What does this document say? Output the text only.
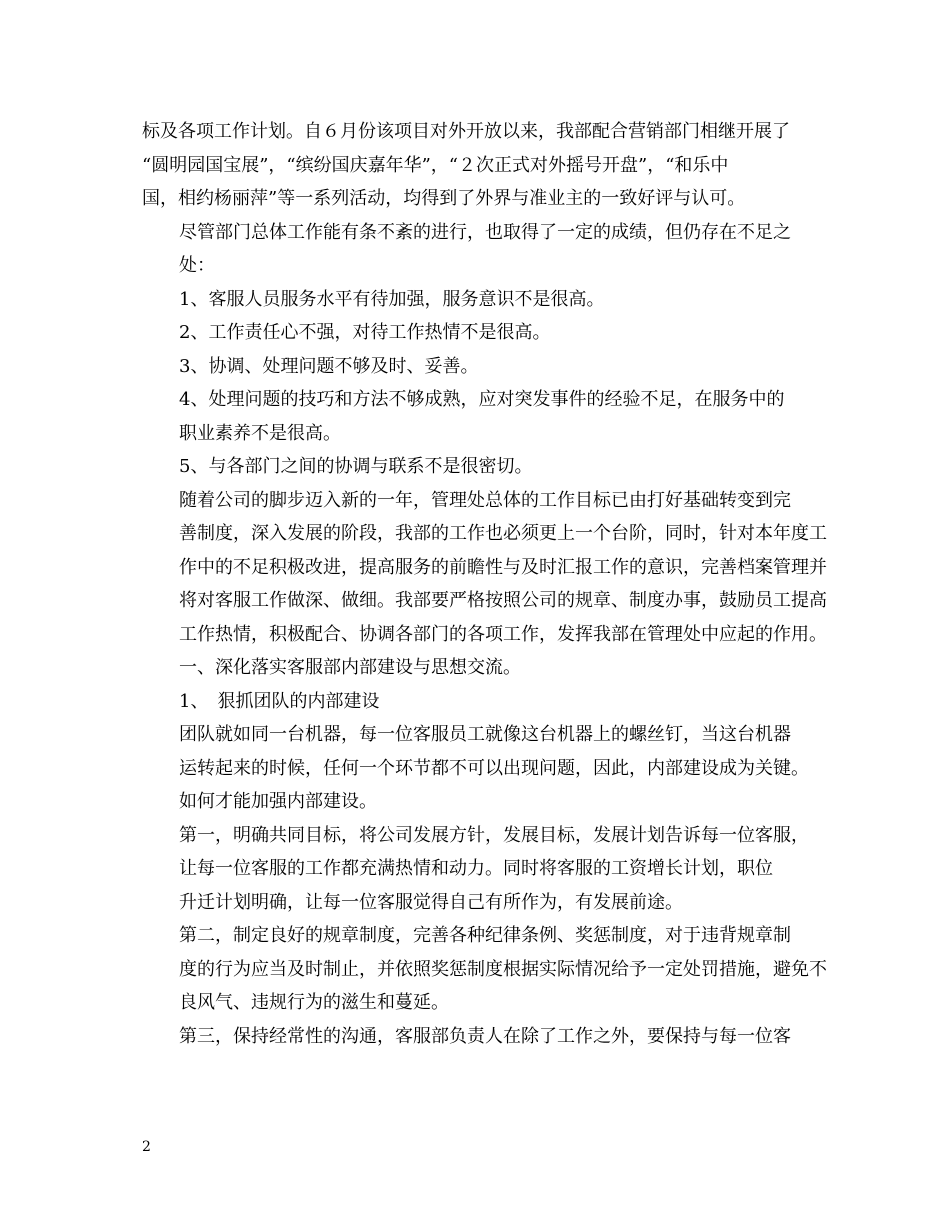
标及各项工作计划。自６月份该项目对外开放以来，我部配合营销部门相继开展了
“圆明园国宝展”，“缤纷国庆嘉年华”，“２次正式对外摇号开盘”，“和乐中
国，相约杨丽萍”等一系列活动，均得到了外界与准业主的一致好评与认可。

尽管部门总体工作能有条不紊的进行，也取得了一定的成绩，但仍存在不足之
处：

1、客服人员服务水平有待加强，服务意识不是很高。

2、工作责任心不强，对待工作热情不是很高。

3、协调、处理问题不够及时、妥善。

4、处理问题的技巧和方法不够成熟，应对突发事件的经验不足，在服务中的
职业素养不是很高。

5、与各部门之间的协调与联系不是很密切。

随着公司的脚步迈入新的一年，管理处总体的工作目标已由打好基础转变到完
善制度，深入发展的阶段，我部的工作也必须更上一个台阶，同时，针对本年度工
作中的不足积极改进，提高服务的前瞻性与及时汇报工作的意识，完善档案管理并
将对客服工作做深、做细。我部要严格按照公司的规章、制度办事，鼓励员工提高
工作热情，积极配合、协调各部门的各项工作，发挥我部在管理处中应起的作用。

一、深化落实客服部内部建设与思想交流。

1、　狠抓团队的内部建设

团队就如同一台机器，每一位客服员工就像这台机器上的螺丝钉，当这台机器
运转起来的时候，任何一个环节都不可以出现问题，因此，内部建设成为关键。

如何才能加强内部建设。

第一，明确共同目标，将公司发展方针，发展目标，发展计划告诉每一位客服，
让每一位客服的工作都充满热情和动力。同时将客服的工资增长计划，职位

升迁计划明确，让每一位客服觉得自己有所作为，有发展前途。

第二，制定良好的规章制度，完善各种纪律条例、奖惩制度，对于违背规章制
度的行为应当及时制止，并依照奖惩制度根据实际情况给予一定处罚措施，避免不
良风气、违规行为的滋生和蔓延。

第三，保持经常性的沟通，客服部负责人在除了工作之外，要保持与每一位客

2
